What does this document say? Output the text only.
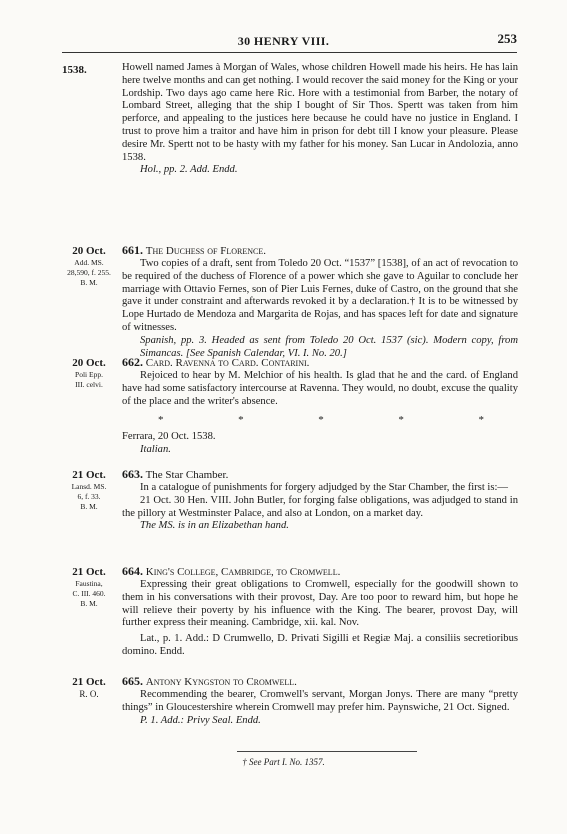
30 HENRY VIII.	253
1538.	Howell named James à Morgan of Wales, whose children Howell made his heirs. He has lain here twelve months and can get nothing. I would recover the said money for the King or your Lordship. Two days ago came here Ric. Hore with a testimonial from Barber, the notary of Lombard Street, alleging that the ship I bought of Sir Thos. Spertt was taken from him perforce, and appealing to the justices here because he could have no justice in England. I trust to prove him a traitor and have him in prison for debt till I know your pleasure. Please desire Mr. Spertt not to be hasty with my father for his money. San Lucar in Andolozia, anno 1538.

Hol., pp. 2. Add. Endd.

20 Oct.
Add. MS.
28,590, f. 255.
B. M.

661. The Duchess of Florence.

Two copies of a draft, sent from Toledo 20 Oct. “1537” [1538], of an act of revocation to be required of the duchess of Florence of a power which she gave to Aguilar to conclude her marriage with Ottavio Fernes, son of Pier Luis Fernes, duke of Castro, on the ground that she gave it under constraint and afterwards revoked it by a declaration.† It is to be witnessed by Lope Hurtado de Mendoza and Margarita de Rojas, and has spaces left for date and signature of witnesses.

Spanish, pp. 3. Headed as sent from Toledo 20 Oct. 1537 (sic). Modern copy, from Simancas. [See Spanish Calendar, VI. I. No. 20.]

20 Oct.
Poli Epp.
III. celvi.

662. Card. Ravenna to Card. Contarini.

Rejoiced to hear by M. Melchior of his health. Is glad that he and the card. of England have had some satisfactory intercourse at Ravenna. They would, no doubt, excuse the quality of the place and the writer's absence.

*	*	*	*	*

Ferrara, 20 Oct. 1538.

Italian.

21 Oct.
Lansd. MS.
6, f. 33.
B. M.

663. The Star Chamber.

In a catalogue of punishments for forgery adjudged by the Star Chamber, the first is:—

21 Oct. 30 Hen. VIII. John Butler, for forging false obligations, was adjudged to stand in the pillory at Westminster Palace, and also at London, on a market day.

The MS. is in an Elizabethan hand.

21 Oct.
Faustina,
C. III. 460.
B. M.

664. King's College, Cambridge, to Cromwell.

Expressing their great obligations to Cromwell, especially for the goodwill shown to them in his conversations with their provost, Day. Are too poor to reward him, but hope he will relieve their poverty by his influence with the King. The bearer, provost Day, will further express their meaning. Cambridge, xii. kal. Nov.

Lat., p. 1. Add.: D Crumwello, D. Privati Sigilli et Regiæ Maj. a consiliis secretioribus domino. Endd.

21 Oct.
R. O.

665. Antony Kyngston to Cromwell.

Recommending the bearer, Cromwell's servant, Morgan Jonys. There are many “pretty things” in Gloucestershire wherein Cromwell may prefer him. Paynswiche, 21 Oct. Signed.

P. 1. Add.: Privy Seal. Endd.

† See Part I. No. 1357.
